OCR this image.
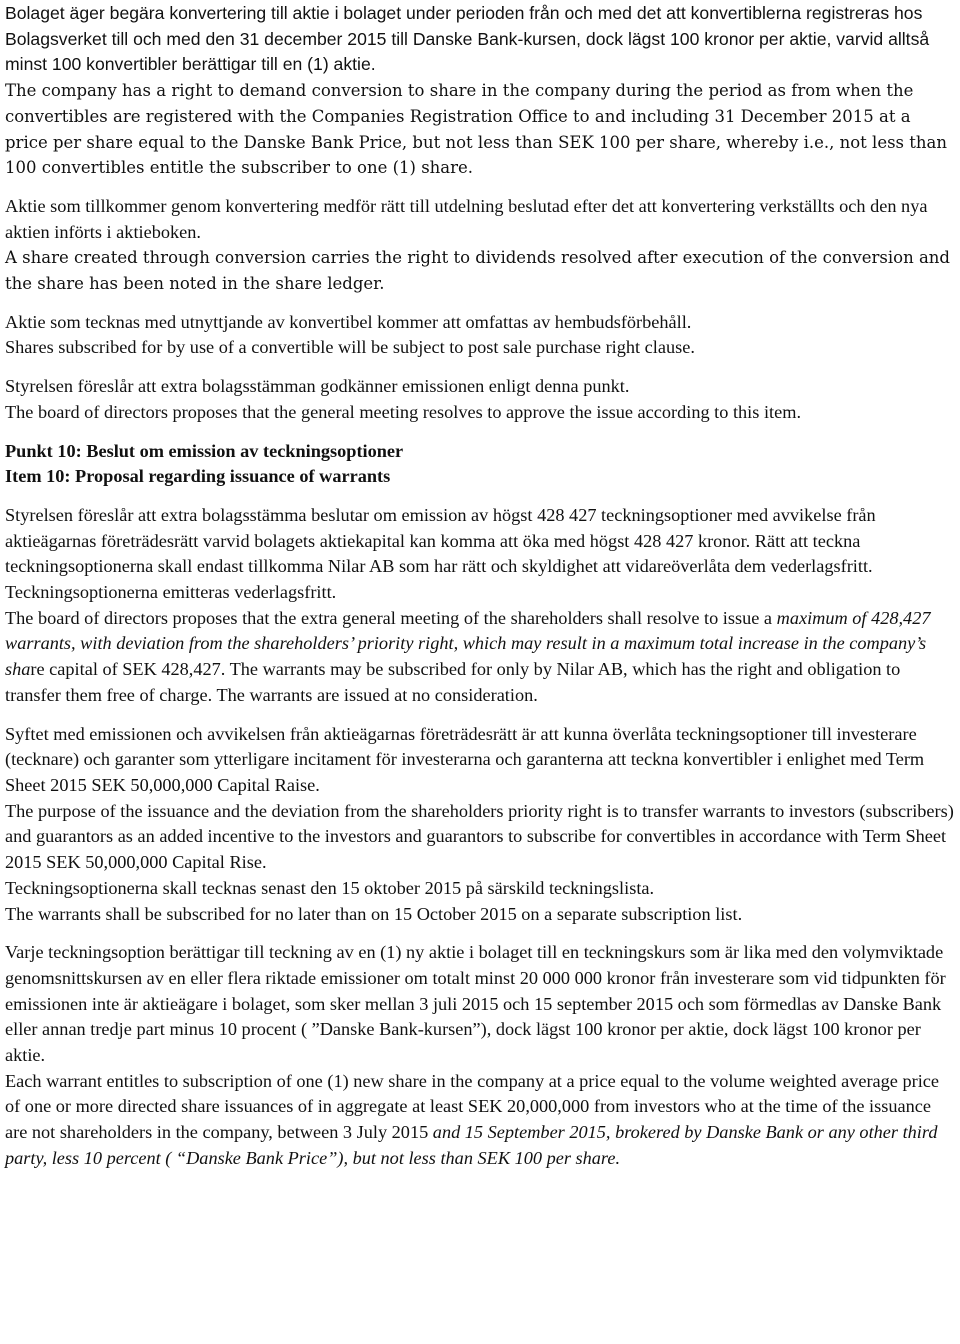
Bolaget äger begära konvertering till aktie i bolaget under perioden från och med det att konvertiblerna registreras hos Bolagsverket till och med den 31 december 2015 till Danske Bank-kursen, dock lägst 100 kronor per aktie, varvid alltså minst 100 konvertibler berättigar till en (1) aktie.

The company has a right to demand conversion to share in the company during the period as from when the convertibles are registered with the Companies Registration Office to and including 31 December 2015 at a price per share equal to the Danske Bank Price, but not less than SEK 100 per share, whereby i.e., not less than 100 convertibles entitle the subscriber to one (1) share.

Aktie som tillkommer genom konvertering medför rätt till utdelning beslutad efter det att konvertering verkställts och den nya aktien införts i aktieboken.

A share created through conversion carries the right to dividends resolved after execution of the conversion and the share has been noted in the share ledger.

Aktie som tecknas med utnyttjande av konvertibel kommer att omfattas av hembudsförbehåll.

Shares subscribed for by use of a convertible will be subject to post sale purchase right clause.

Styrelsen föreslår att extra bolagsstämman godkänner emissionen enligt denna punkt.

The board of directors proposes that the general meeting resolves to approve the issue according to this item.

Punkt 10: Beslut om emission av teckningsoptioner

Item 10: Proposal regarding issuance of warrants

Styrelsen föreslår att extra bolagsstämma beslutar om emission av högst 428 427 teckningsoptioner med avvikelse från aktieägarnas företrädesrätt varvid bolagets aktiekapital kan komma att öka med högst 428 427 kronor. Rätt att teckna teckningsoptionerna skall endast tillkomma Nilar AB som har rätt och skyldighet att vidareöverlåta dem vederlagsfritt. Teckningsoptionerna emitteras vederlagsfritt.

The board of directors proposes that the extra general meeting of the shareholders shall resolve to issue a maximum of 428,427 warrants, with deviation from the shareholders’ priority right, which may result in a maximum total increase in the company’s share capital of SEK 428,427. The warrants may be subscribed for only by Nilar AB, which has the right and obligation to transfer them free of charge. The warrants are issued at no consideration.

Syftet med emissionen och avvikelsen från aktieägarnas företrädesrätt är att kunna överlåta teckningsoptioner till investerare (tecknare) och garanter som ytterligare incitament för investerarna och garanterna att teckna konvertibler i enlighet med Term Sheet 2015 SEK 50,000,000 Capital Raise.

The purpose of the issuance and the deviation from the shareholders priority right is to transfer warrants to investors (subscribers) and guarantors as an added incentive to the investors and guarantors to subscribe for convertibles in accordance with Term Sheet 2015 SEK 50,000,000 Capital Rise.

Teckningsoptionerna skall tecknas senast den 15 oktober 2015 på särskild teckningslista.

The warrants shall be subscribed for no later than on 15 October 2015 on a separate subscription list.

Varje teckningsoption berättigar till teckning av en (1) ny aktie i bolaget till en teckningskurs som är lika med den volymviktade genomsnittskursen av en eller flera riktade emissioner om totalt minst 20 000 000 kronor från investerare som vid tidpunkten för emissionen inte är aktieägare i bolaget, som sker mellan 3 juli 2015 och 15 september 2015 och som förmedlas av Danske Bank eller annan tredje part minus 10 procent ( ”Danske Bank-kursen”), dock lägst 100 kronor per aktie, dock lägst 100 kronor per aktie.

Each warrant entitles to subscription of one (1) new share in the company at a price equal to the volume weighted average price of one or more directed share issuances of in aggregate at least SEK 20,000,000 from investors who at the time of the issuance are not shareholders in the company, between 3 July 2015 and 15 September 2015, brokered by Danske Bank or any other third party, less 10 percent ( “Danske Bank Price”), but not less than SEK 100 per share.
